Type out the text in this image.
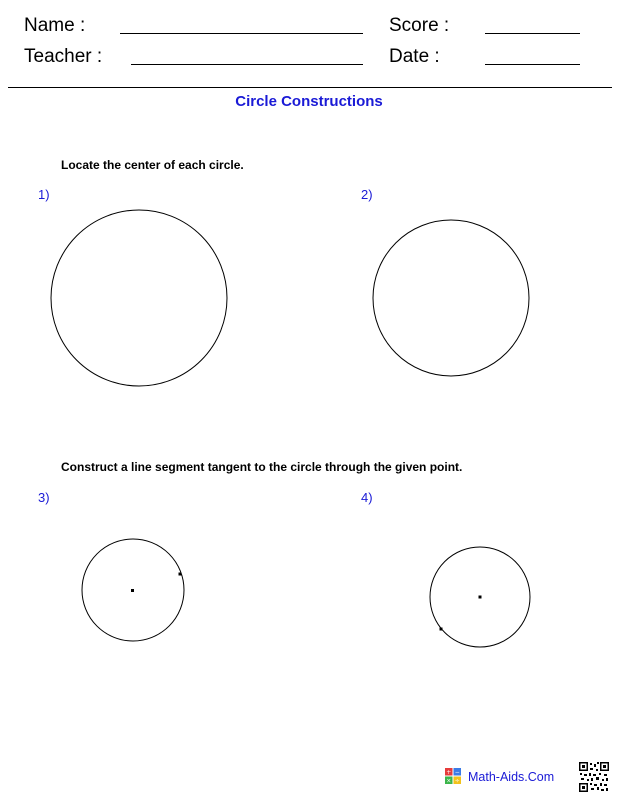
Name :
Teacher :
Score :
Date :
Circle Constructions
Locate the center of each circle.
1)	2)
Construct a line segment tangent to the circle through the given point.
3)	4)
+ −
× ÷ Math-Aids.Com
